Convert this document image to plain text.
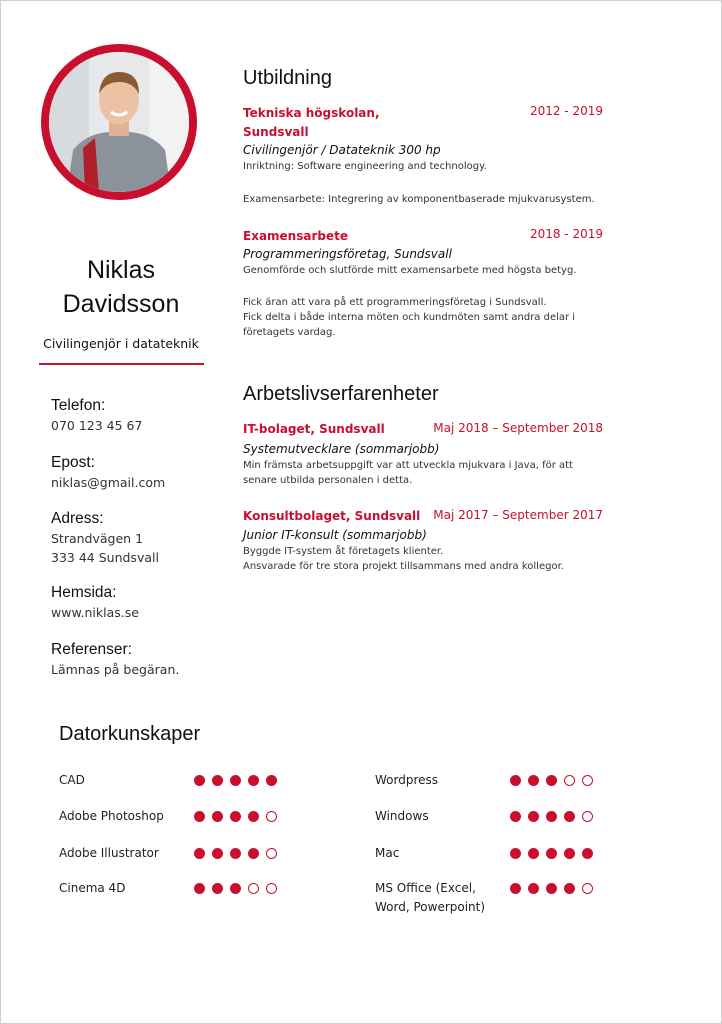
Niklas
Davidsson
Civilingenjör i datateknik
Telefon:
070 123 45 67
Epost:
niklas@gmail.com
Adress:
Strandvägen 1
333 44 Sundsvall
Hemsida:
www.niklas.se
Referenser:
Lämnas på begäran.
Utbildning
2012 - 2019
Tekniska högskolan,
Sundsvall
Civilingenjör / Datateknik 300 hp
Inriktning: Software engineering and technology.
Examensarbete: Integrering av komponentbaserade mjukvarusystem.
2018 - 2019
Examensarbete
Programmeringsföretag, Sundsvall
Genomförde och slutförde mitt examensarbete med högsta betyg.
Fick äran att vara på ett programmeringsföretag i Sundsvall.
Fick delta i både interna möten och kundmöten samt andra delar i
företagets vardag.
Arbetslivserfarenheter
Maj 2018 – September 2018
IT-bolaget, Sundsvall
Systemutvecklare (sommarjobb)
Min främsta arbetsuppgift var att utveckla mjukvara i Java, för att
senare utbilda personalen i detta.
Maj 2017 – September 2017
Konsultbolaget, Sundsvall
Junior IT-konsult (sommarjobb)
Byggde IT-system åt företagets klienter.
Ansvarade för tre stora projekt tillsammans med andra kollegor.
Datorkunskaper
CAD
Adobe Photoshop
Adobe Illustrator
Cinema 4D
Wordpress
Windows
Mac
MS Office (Excel,
Word, Powerpoint)
